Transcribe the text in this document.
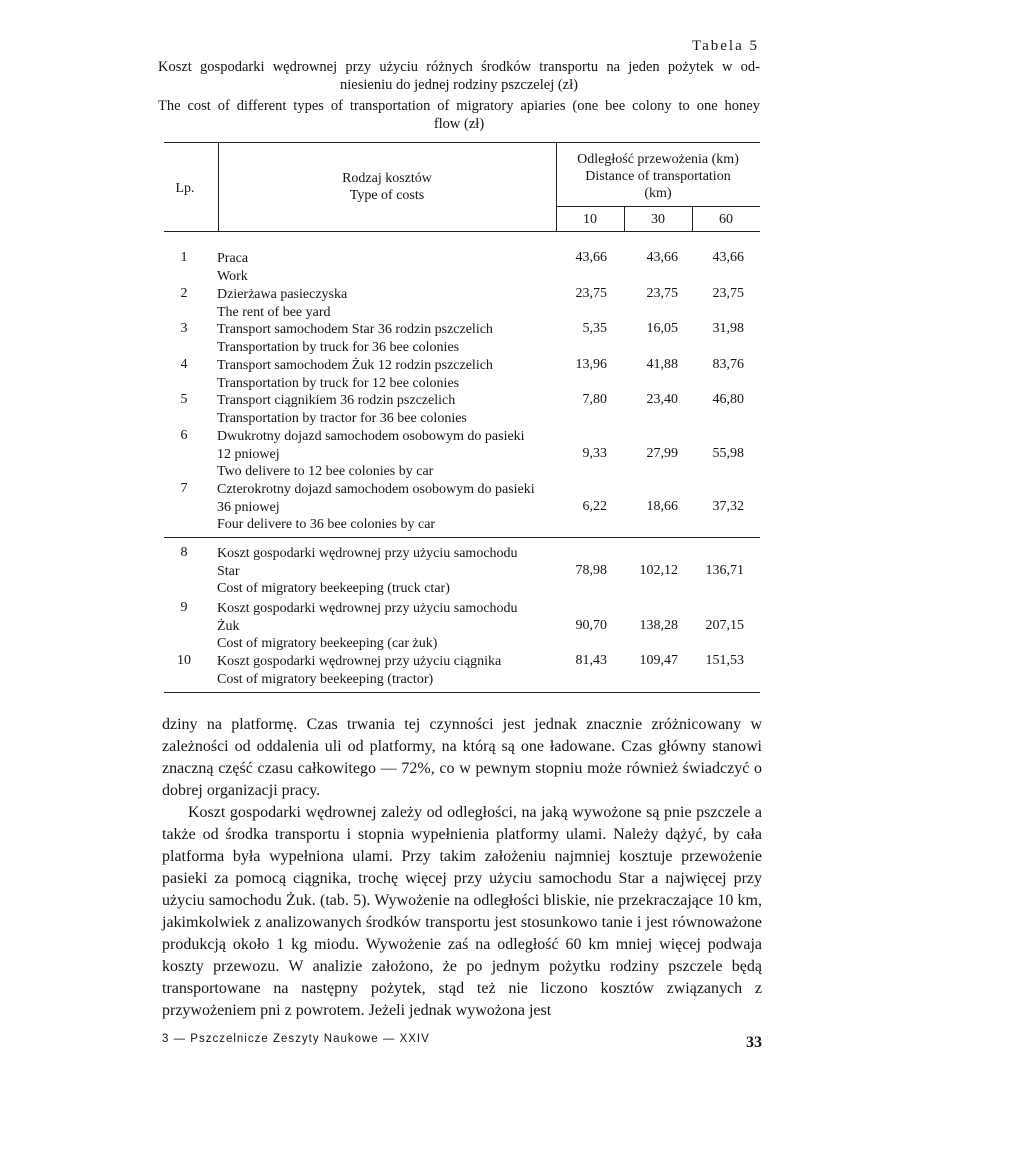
Tabela 5
Koszt gospodarki wędrownej przy użyciu różnych środków transportu na jeden pożytek w od-
niesieniu do jednej rodziny pszczelej (zł)
The cost of different types of transportation of migratory apiaries (one bee colony to one honey
flow (zł)
Lp.
Rodzaj kosztów
Type of costs
Odległość przewożenia (km)
Distance of transportation
(km)
10	30	60
1	Praca
Work
43,66	43,66	43,66
2	Dzierżawa pasieczyska
The rent of bee yard
23,75	23,75	23,75
3	Transport samochodem Star 36 rodzin pszczelich
Transportation by truck for 36 bee colonies
5,35	16,05	31,98
4	Transport samochodem Żuk 12 rodzin pszczelich
Transportation by truck for 12 bee colonies
13,96	41,88	83,76
5	Transport ciągnikiem 36 rodzin pszczelich
Transportation by tractor for 36 bee colonies
7,80	23,40	46,80
6	Dwukrotny dojazd samochodem osobowym do pasieki
12 pniowej
Two delivere to 12 bee colonies by car
9,33	27,99	55,98
7	Czterokrotny dojazd samochodem osobowym do pasieki
36 pniowej
Four delivere to 36 bee colonies by car
6,22	18,66	37,32
8	Koszt gospodarki wędrownej przy użyciu samochodu
Star
Cost of migratory beekeeping (truck ctar)
78,98	102,12	136,71
9	Koszt gospodarki wędrownej przy użyciu samochodu
Żuk
Cost of migratory beekeeping (car żuk)
90,70	138,28	207,15
10 Koszt gospodarki wędrownej przy użyciu ciągnika
Cost of migratory beekeeping (tractor)
81,43	109,47	151,53

dziny na platformę. Czas trwania tej czynności jest jednak znacznie zróżnicowany w zależności od oddalenia uli od platformy, na którą są one ładowane. Czas główny stanowi znaczną część czasu całkowitego — 72%, co w pewnym stopniu może również świadczyć o dobrej organizacji pracy.

Koszt gospodarki wędrownej zależy od odległości, na jaką wywożone są pnie pszczele a także od środka transportu i stopnia wypełnienia platformy ulami. Należy dążyć, by cała platforma była wypełniona ulami. Przy takim założeniu najmniej kosztuje przewożenie pasieki za pomocą ciągnika, trochę więcej przy użyciu samochodu Star a najwięcej przy użyciu samochodu Żuk. (tab. 5). Wywożenie na odległości bliskie, nie przekraczające 10 km, jakimkolwiek z analizowanych środków transportu jest stosunkowo tanie i jest równoważone produkcją około 1 kg miodu. Wywożenie zaś na odległość 60 km mniej więcej podwaja koszty przewozu. W analizie założono, że po jednym pożytku rodziny pszczele będą transportowane na następny pożytek, stąd też nie liczono kosztów związanych z przywożeniem pni z powrotem. Jeżeli jednak wywożona jest

3 — Pszczelnicze Zeszyty Naukowe — XXIV	33
